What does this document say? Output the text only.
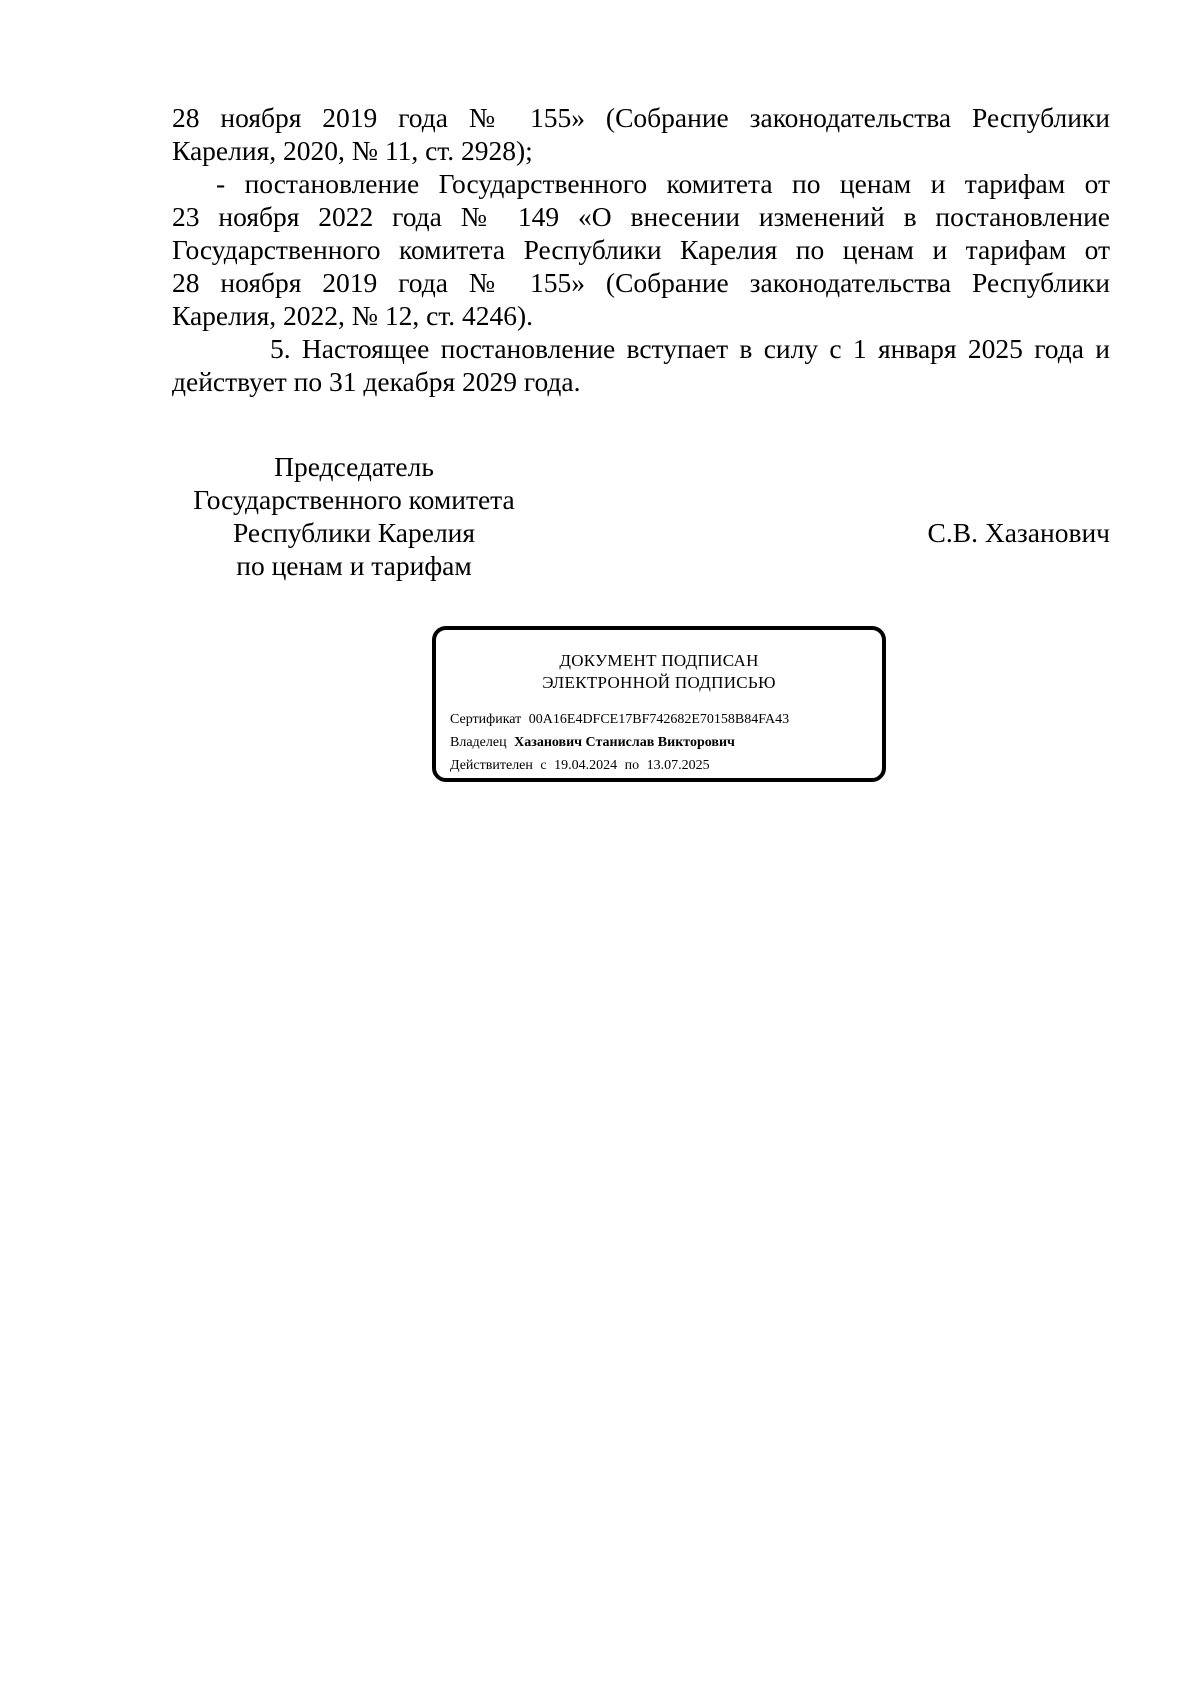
28 ноября 2019 года № 155» (Собрание законодательства Республики
Карелия, 2020, № 11, ст. 2928);
- постановление Государственного комитета по ценам и тарифам от
23 ноября 2022 года № 149 «О внесении изменений в постановление
Государственного комитета Республики Карелия по ценам и тарифам от
28 ноября 2019 года № 155» (Собрание законодательства Республики
Карелия, 2022, № 12, ст. 4246).
5. Настоящее постановление вступает в силу с 1 января 2025 года и
действует по 31 декабря 2029 года.
Председатель
Государственного комитета
Республики Карелия
по ценам и тарифам
С.В. Хазанович
ДОКУМЕНТ ПОДПИСАН
ЭЛЕКТРОННОЙ ПОДПИСЬЮ
Сертификат 00A16E4DFCE17BF742682E70158B84FA43
Владелец Хазанович Станислав Викторович
Действителен с 19.04.2024 по 13.07.2025
